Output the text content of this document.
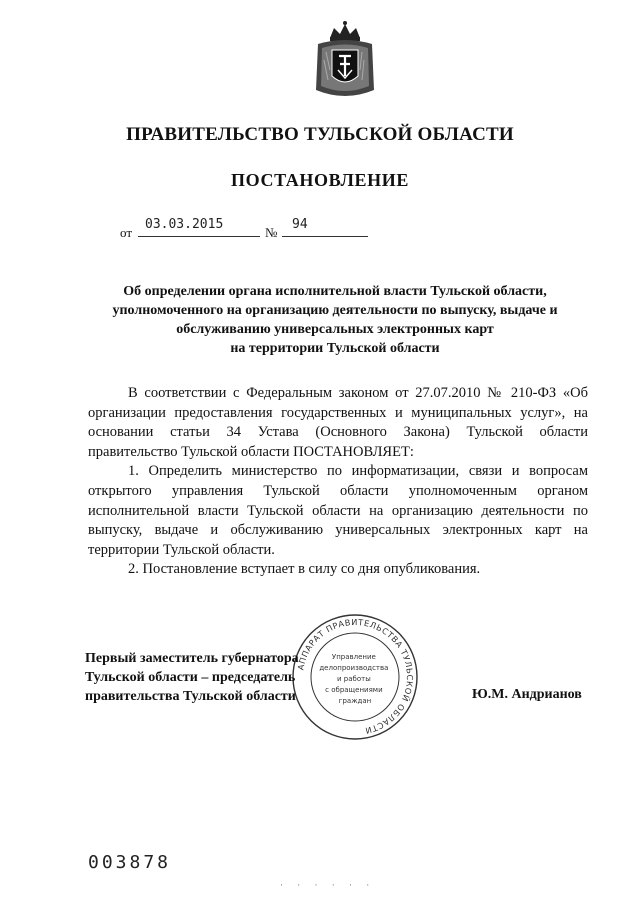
ПРАВИТЕЛЬСТВО ТУЛЬСКОЙ ОБЛАСТИ
ПОСТАНОВЛЕНИЕ
от
03.03.2015
№
94
Об определении органа исполнительной власти Тульской области,
уполномоченного на организацию деятельности по выпуску, выдаче и
обслуживанию универсальных электронных карт
на территории Тульской области

В соответствии с Федеральным законом от 27.07.2010 № 210-ФЗ «Об организации предоставления государственных и муниципальных услуг», на основании статьи 34 Устава (Основного Закона) Тульской области правительство Тульской области ПОСТАНОВЛЯЕТ:

1. Определить министерство по информатизации, связи и вопросам открытого управления Тульской области уполномоченным органом исполнительной власти Тульской области на организацию деятельности по выпуску, выдаче и обслуживанию универсальных электронных карт на территории Тульской области.

2. Постановление вступает в силу со дня опубликования.

АППАРАТ ПРАВИТЕЛЬСТВА ТУЛЬСКОЙ ОБЛАСТИ
Управление делопроизводства и работы с обращениями граждан
Первый заместитель губернатора
Тульской области – председатель
правительства Тульской области	Ю.М. Андрианов
003878
· · · · · ·
